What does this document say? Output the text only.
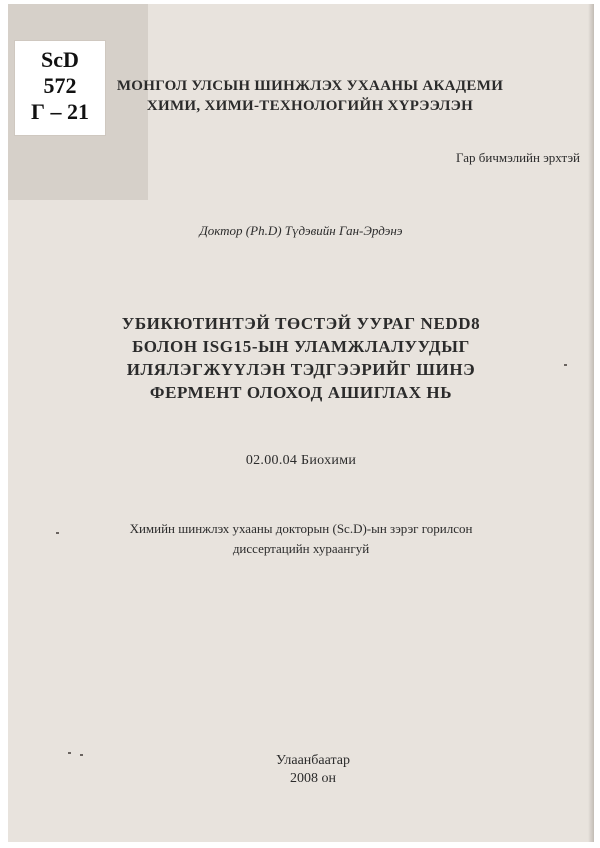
ScD
572
Г – 21
МОНГОЛ УЛСЫН ШИНЖЛЭХ УХААНЫ АКАДЕМИ
ХИМИ, ХИМИ-ТЕХНОЛОГИЙН ХҮРЭЭЛЭН
Гар бичмэлийн эрхтэй
Доктор (Ph.D) Түдэвийн Ган-Эрдэнэ
УБИКЮТИНТЭЙ ТӨСТЭЙ УУРАГ NEDD8
БОЛОН ISG15-ЫН УЛАМЖЛАЛУУДЫГ
ИЛЯЛЭГЖҮҮЛЭН ТЭДГЭЭРИЙГ ШИНЭ
ФЕРМЕНТ ОЛОХОД АШИГЛАХ НЬ
02.00.04 Биохими
Химийн шинжлэх ухааны докторын (Sc.D)-ын зэрэг горилсон
диссертацийн хураангуй
Улаанбаатар
2008 он
